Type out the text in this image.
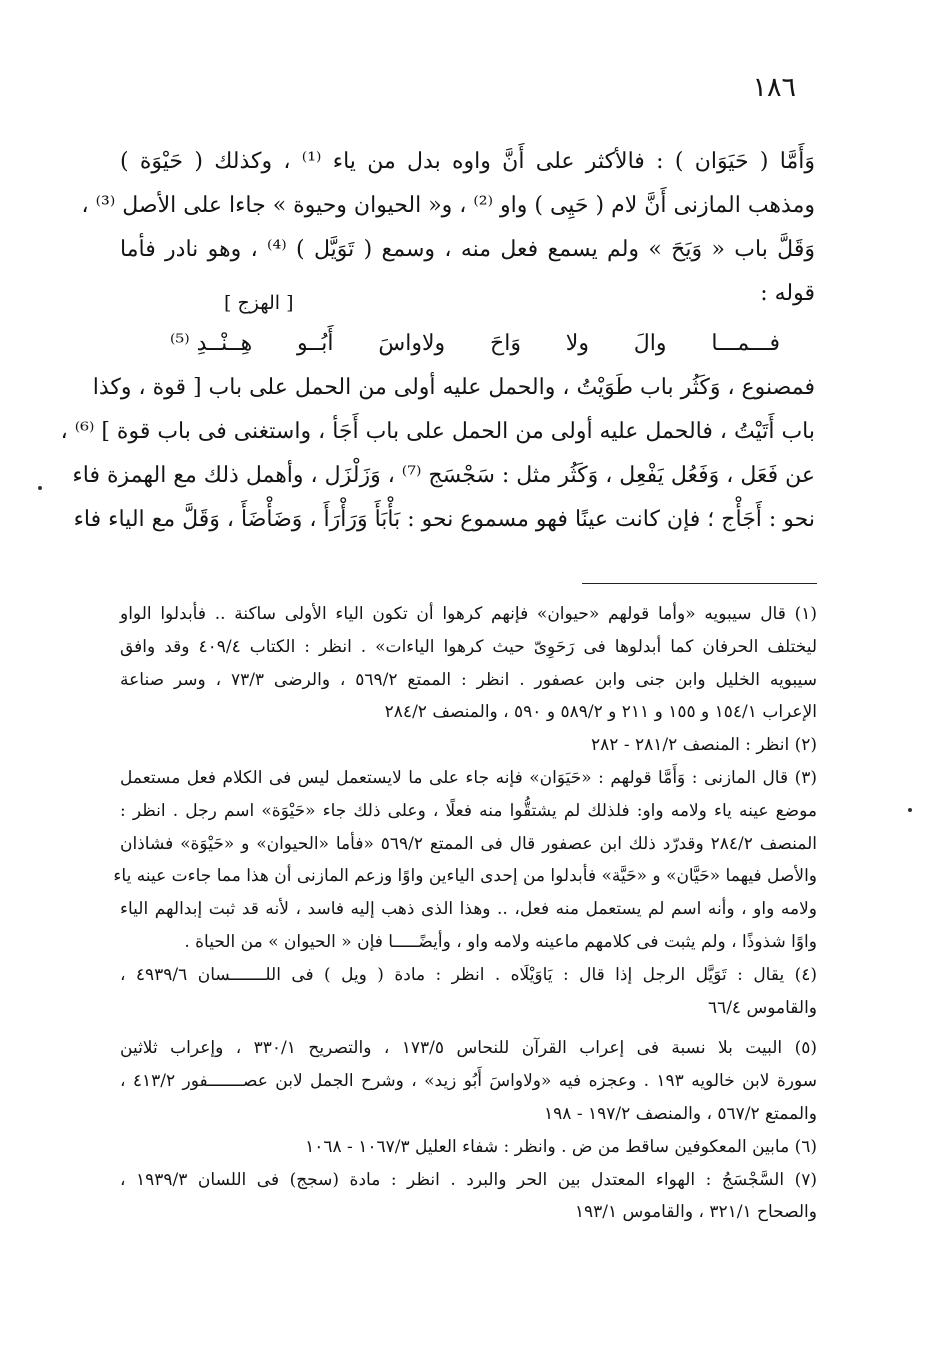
١٨٦
وَأَمَّا ( حَيَوَان ) : فالأكثر على أَنَّ واوه بدل من ياء ⁽¹⁾ ، وكذلك ( حَيْوَة )
ومذهب المازنى أَنَّ لام ( حَيِى ) واو ⁽²⁾ ، و« الحيوان وحيوة » جاءا على الأصل ⁽³⁾ ،
وَقَلَّ باب « وَيَحَ » ولم يسمع فعل منه ، وسمع ( تَوَيَّل ) ⁽⁴⁾ ، وهو نادر فأما
قوله :
[ الهزج ]
فـــمـــا
والَ
ولا
وَاحَ
ولاواسَ
أَبُــو
هِــنْــدِ ⁽⁵⁾
فمصنوع ، وَكَثُر باب طَوَيْتُ ، والحمل عليه أولى من الحمل على باب [ قوة ، وكذا
باب أَتَيْتُ ، فالحمل عليه أولى من الحمل على باب أَجَأ ، واستغنى فى باب قوة ] ⁽⁶⁾ ،
عن فَعَل ، وَفَعُل يَفْعِل ، وَكَثُر مثل : سَجْسَج ⁽⁷⁾ ، وَزَلْزَل ، وأهمل ذلك مع الهمزة فاء
نحو : أَجَأْج ؛ فإن كانت عينًا فهو مسموع نحو : بَأْبَأَ وَرَأْرَأَ ، وَضَأْضَأَ ، وَقَلَّ مع الياء فاء
(١) قال سيبويه «وأما قولهم «حيوان» فإنهم كرهوا أن تكون الياء الأولى ساكنة .. فأبدلوا الواو
ليختلف الحرفان كما أبدلوها فى رَحَوِىّ حيث كرهوا الياءات» . انظر : الكتاب ٤٠٩/٤ وقد وافق
سيبويه الخليل وابن جنى وابن عصفور . انظر : الممتع ٥٦٩/٢ ، والرضى ٧٣/٣ ، وسر صناعة
الإعراب ١٥٤/١ و ١٥٥ و ٢١١ و ٥٨٩/٢ و ٥٩٠ ، والمنصف ٢٨٤/٢
(٢) انظر : المنصف ٢٨١/٢ - ٢٨٢
(٣) قال المازنى : وَأَمَّا قولهم : «حَيَوَان» فإنه جاء على ما لايستعمل ليس فى الكلام فعل مستعمل
موضع عينه ياء ولامه واو: فلذلك لم يشتقُّوا منه فعلًا ، وعلى ذلك جاء «حَيْوَة» اسم رجل . انظر :
المنصف ٢٨٤/٢ وقدرّد ذلك ابن عصفور قال فى الممتع ٥٦٩/٢ «فأما «الحيوان» و «حَيْوَة» فشاذان
والأصل فيهما «حَيَّان» و «حَيَّة» فأبدلوا من إحدى الياءين واوًا وزعم المازنى أن هذا مما جاءت عينه ياء
ولامه واو ، وأنه اسم لم يستعمل منه فعل، .. وهذا الذى ذهب إليه فاسد ، لأنه قد ثبت إبدالهم الياء
واوًا شذوذًا ، ولم يثبت فى كلامهم ماعينه ولامه واو ، وأيضًـــــا فإن « الحيوان » من الحياة .
(٤) يقال : تَوَيَّل الرجل إذا قال : يَاوَيْلَاه . انظر : مادة ( ويل ) فى اللـــــــسان ٤٩٣٩/٦ ،
والقاموس ٦٦/٤
(٥) البيت بلا نسبة فى إعراب القرآن للنحاس ١٧٣/٥ ، والتصريح ٣٣٠/١ ، وإعراب ثلاثين
سورة لابن خالويه ١٩٣ . وعجزه فيه «ولاواسَ أَبُو زيد» ، وشرح الجمل لابن عصـــــــفور ٤١٣/٢ ،
والممتع ٥٦٧/٢ ، والمنصف ١٩٧/٢ - ١٩٨
(٦) مابين المعكوفين ساقط من ض . وانظر : شفاء العليل ١٠٦٧/٣ - ١٠٦٨
(٧) السَّجْسَجُ : الهواء المعتدل بين الحر والبرد . انظر : مادة (سجج) فى اللسان ١٩٣٩/٣ ،
والصحاح ٣٢١/١ ، والقاموس ١٩٣/١
